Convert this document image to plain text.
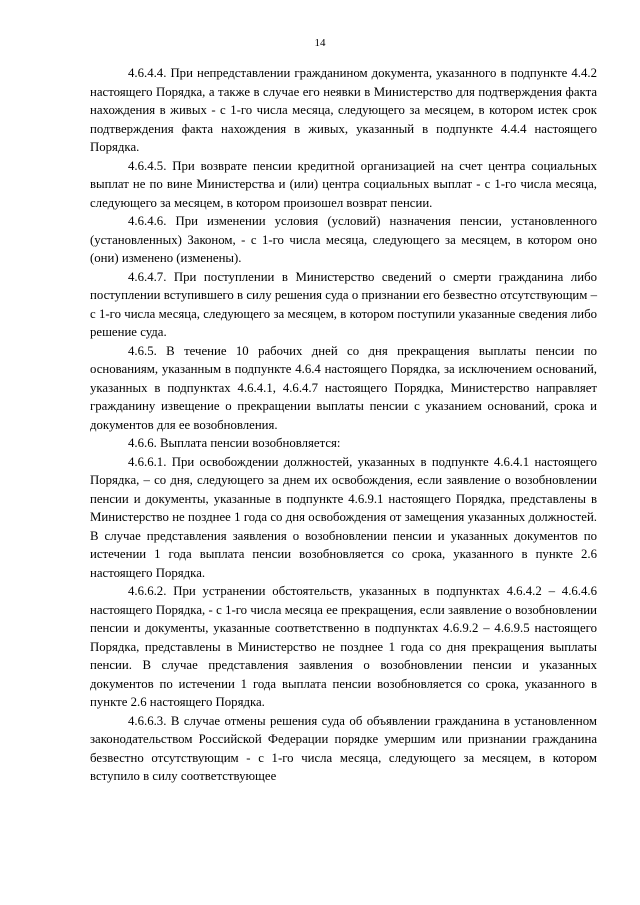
14

4.6.4.4. При непредставлении гражданином документа, указанного в подпункте 4.4.2 настоящего Порядка, а также в случае его неявки в Министерство для подтверждения факта нахождения в живых - с 1-го числа месяца, следующего за месяцем, в котором истек срок подтверждения факта нахождения в живых, указанный в подпункте 4.4.4 настоящего Порядка.

4.6.4.5. При возврате пенсии кредитной организацией на счет центра социальных выплат не по вине Министерства и (или) центра социальных выплат - с 1-го числа месяца, следующего за месяцем, в котором произошел возврат пенсии.

4.6.4.6. При изменении условия (условий) назначения пенсии, установленного (установленных) Законом, - с 1-го числа месяца, следующего за месяцем, в котором оно (они) изменено (изменены).

4.6.4.7. При поступлении в Министерство сведений о смерти гражданина либо поступлении вступившего в силу решения суда о признании его безвестно отсутствующим – с 1-го числа месяца, следующего за месяцем, в котором поступили указанные сведения либо решение суда.

4.6.5. В течение 10 рабочих дней со дня прекращения выплаты пенсии по основаниям, указанным в подпункте 4.6.4 настоящего Порядка, за исключением оснований, указанных в подпунктах 4.6.4.1, 4.6.4.7 настоящего Порядка, Министерство направляет гражданину извещение о прекращении выплаты пенсии с указанием оснований, срока и документов для ее возобновления.

4.6.6. Выплата пенсии возобновляется:

4.6.6.1. При освобождении должностей, указанных в подпункте 4.6.4.1 настоящего Порядка, – со дня, следующего за днем их освобождения, если заявление о возобновлении пенсии и документы, указанные в подпункте 4.6.9.1 настоящего Порядка, представлены в Министерство не позднее 1 года со дня освобождения от замещения указанных должностей. В случае представления заявления о возобновлении пенсии и указанных документов по истечении 1 года выплата пенсии возобновляется со срока, указанного в пункте 2.6 настоящего Порядка.

4.6.6.2. При устранении обстоятельств, указанных в подпунктах 4.6.4.2 – 4.6.4.6 настоящего Порядка, - с 1-го числа месяца ее прекращения, если заявление о возобновлении пенсии и документы, указанные соответственно в подпунктах 4.6.9.2 – 4.6.9.5 настоящего Порядка, представлены в Министерство не позднее 1 года со дня прекращения выплаты пенсии. В случае представления заявления о возобновлении пенсии и указанных документов по истечении 1 года выплата пенсии возобновляется со срока, указанного в пункте 2.6 настоящего Порядка.

4.6.6.3. В случае отмены решения суда об объявлении гражданина в установленном законодательством Российской Федерации порядке умершим или признании гражданина безвестно отсутствующим - с 1-го числа месяца, следующего за месяцем, в котором вступило в силу соответствующее
